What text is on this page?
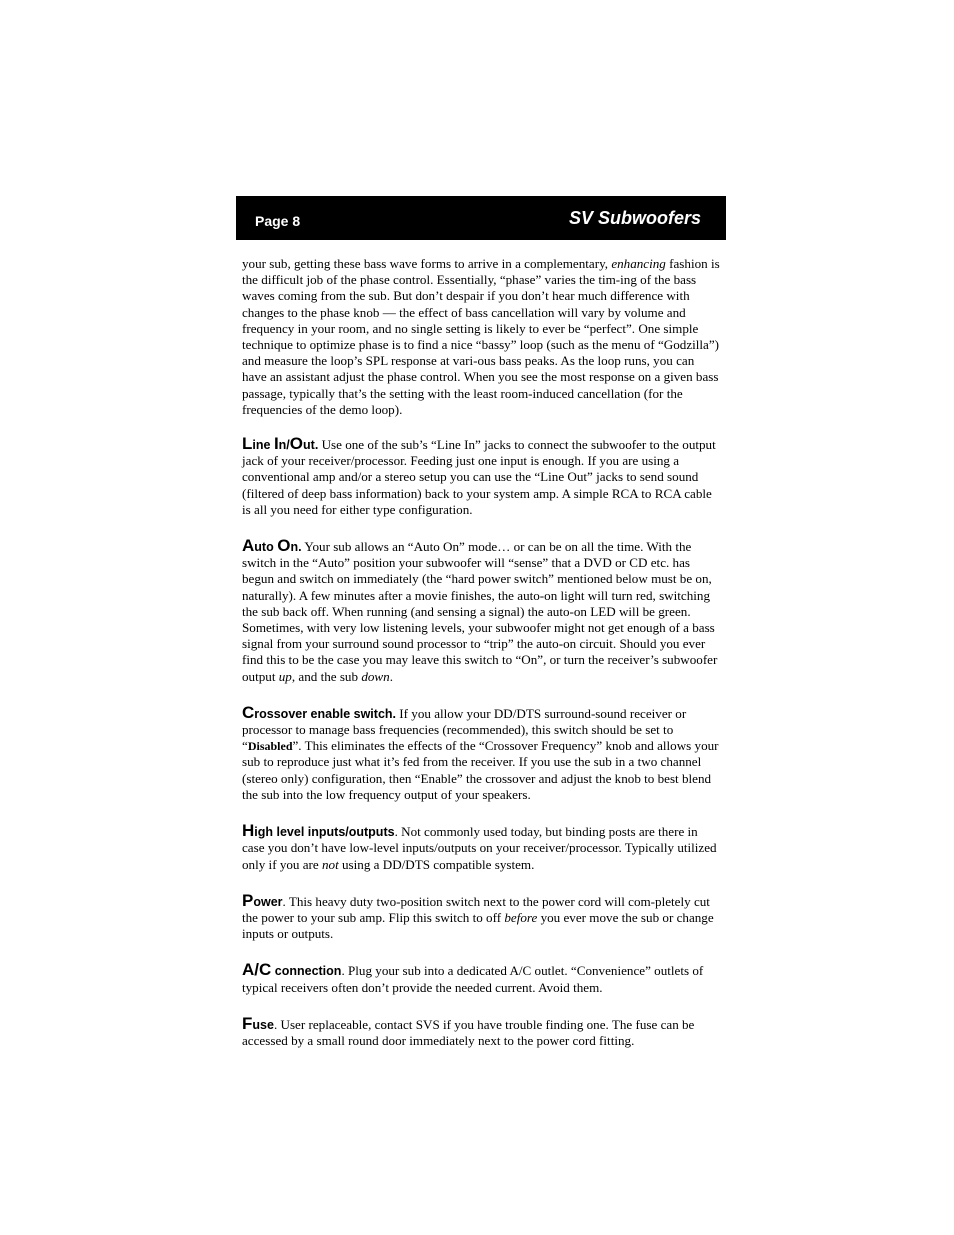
Page 8	SV Subwoofers

your sub, getting these bass wave forms to arrive in a complementary, enhancing fashion is the difficult job of the phase control. Essentially, “phase” varies the tim-ing of the bass waves coming from the sub. But don’t despair if you don’t hear much difference with changes to the phase knob — the effect of bass cancellation will vary by volume and frequency in your room, and no single setting is likely to ever be “perfect”. One simple technique to optimize phase is to find a nice “bassy” loop (such as the menu of “Godzilla”) and measure the loop’s SPL response at vari-ous bass peaks. As the loop runs, you can have an assistant adjust the phase control. When you see the most response on a given bass passage, typically that’s the setting with the least room-induced cancellation (for the frequencies of the demo loop).

Line In/Out. Use one of the sub’s “Line In” jacks to connect the subwoofer to the output jack of your receiver/processor. Feeding just one input is enough. If you are using a conventional amp and/or a stereo setup you can use the “Line Out” jacks to send sound (filtered of deep bass information) back to your system amp. A simple RCA to RCA cable is all you need for either type configuration.

Auto On. Your sub allows an “Auto On” mode… or can be on all the time. With the switch in the “Auto” position your subwoofer will “sense” that a DVD or CD etc. has begun and switch on immediately (the “hard power switch” mentioned below must be on, naturally). A few minutes after a movie finishes, the auto-on light will turn red, switching the sub back off. When running (and sensing a signal) the auto-on LED will be green. Sometimes, with very low listening levels, your subwoofer might not get enough of a bass signal from your surround sound processor to “trip” the auto-on circuit. Should you ever find this to be the case you may leave this switch to “On”, or turn the receiver’s subwoofer output up, and the sub down.

Crossover enable switch. If you allow your DD/DTS surround-sound receiver or processor to manage bass frequencies (recommended), this switch should be set to “Disabled”. This eliminates the effects of the “Crossover Frequency” knob and allows your sub to reproduce just what it’s fed from the receiver. If you use the sub in a two channel (stereo only) configuration, then “Enable” the crossover and adjust the knob to best blend the sub into the low frequency output of your speakers.

High level inputs/outputs. Not commonly used today, but binding posts are there in case you don’t have low-level inputs/outputs on your receiver/processor. Typically utilized only if you are not using a DD/DTS compatible system.

Power. This heavy duty two-position switch next to the power cord will com-pletely cut the power to your sub amp. Flip this switch to off before you ever move the sub or change inputs or outputs.

A/C connection. Plug your sub into a dedicated A/C outlet. “Convenience” outlets of typical receivers often don’t provide the needed current. Avoid them.

Fuse. User replaceable, contact SVS if you have trouble finding one. The fuse can be accessed by a small round door immediately next to the power cord fitting.
